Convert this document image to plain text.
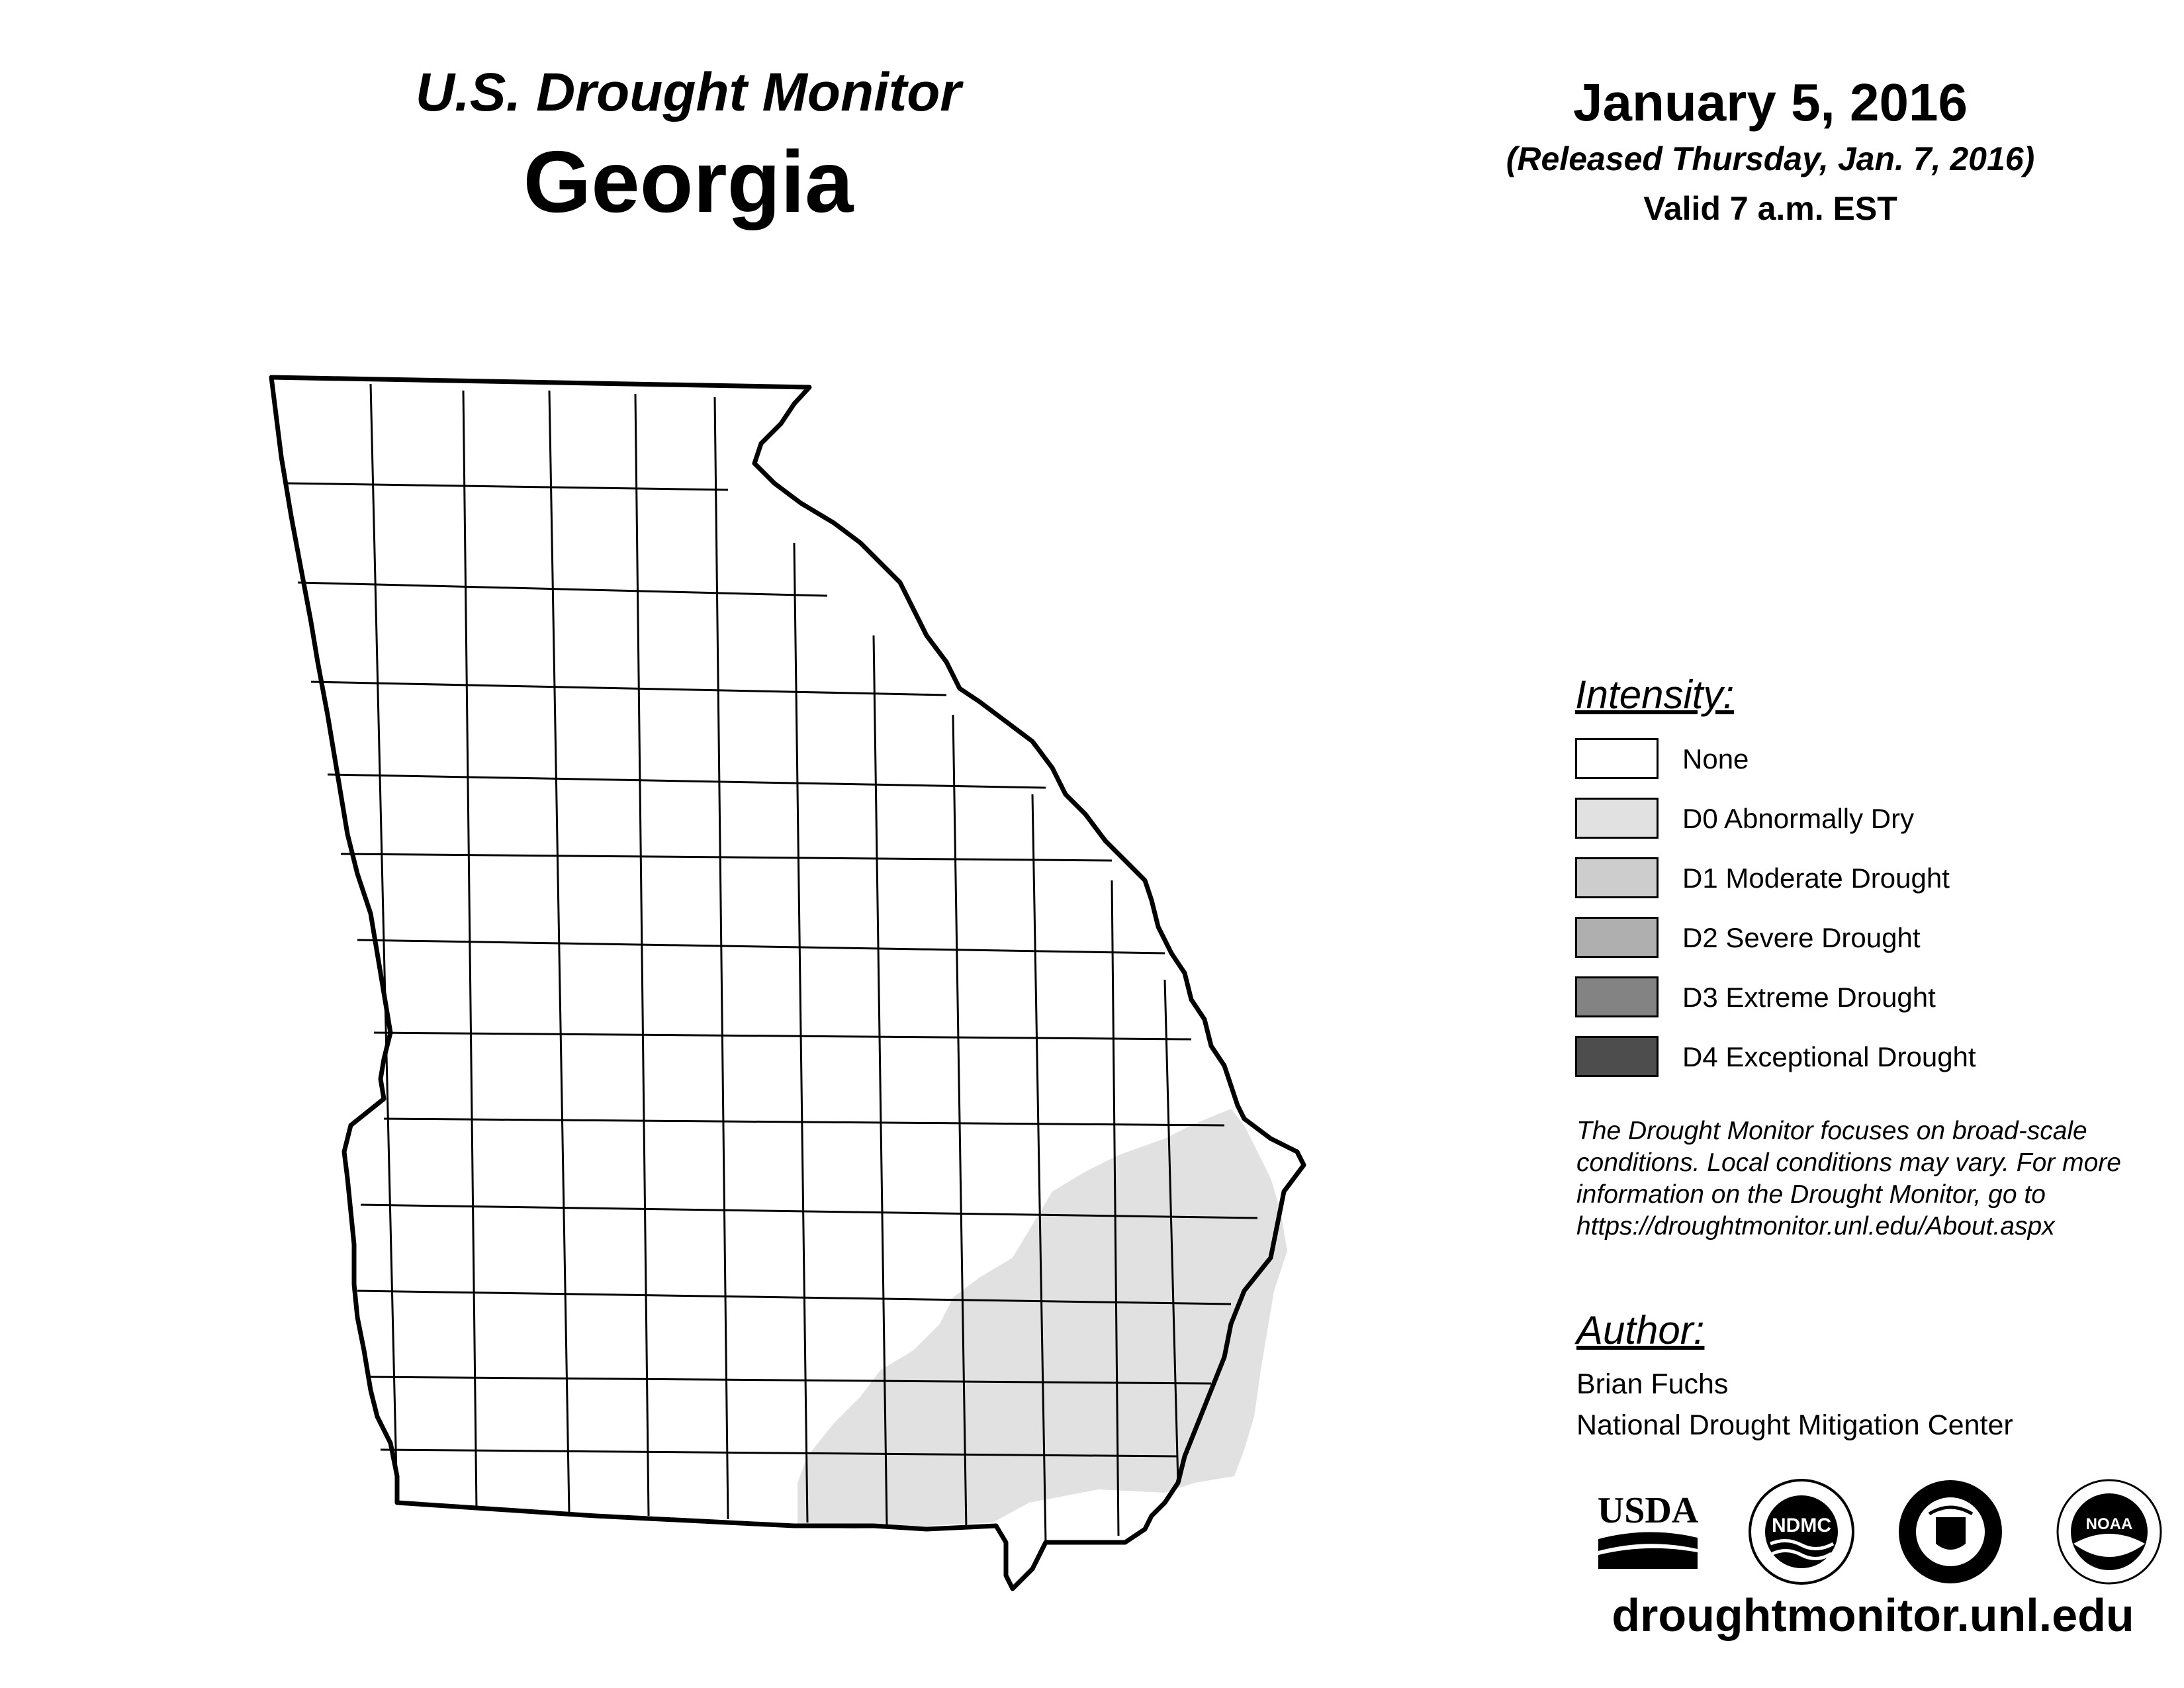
U.S. Drought Monitor
Georgia
January 5, 2016
(Released Thursday, Jan. 7, 2016)
Valid 7 a.m. EST
Intensity:
None
D0 Abnormally Dry
D1 Moderate Drought
D2 Severe Drought
D3 Extreme Drought
D4 Exceptional Drought
The Drought Monitor focuses on broad-scale conditions. Local conditions may vary. For more information on the Drought Monitor, go to https://droughtmonitor.unl.edu/About.aspx
Author:
Brian Fuchs
National Drought Mitigation Center
USDA	NDMC	NOAA
droughtmonitor.unl.edu
